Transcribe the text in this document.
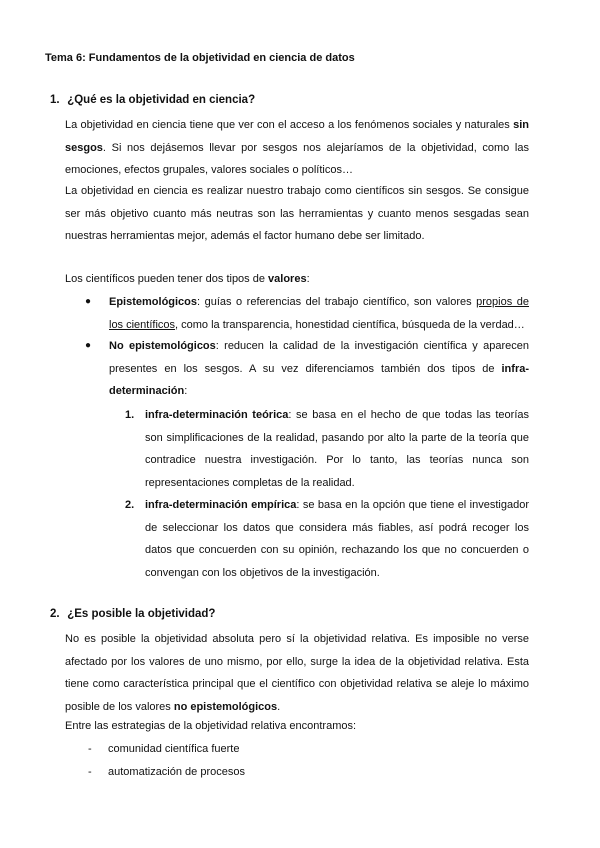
Tema 6: Fundamentos de la objetividad en ciencia de datos
1. ¿Qué es la objetividad en ciencia?
La objetividad en ciencia tiene que ver con el acceso a los fenómenos sociales y naturales sin sesgos. Si nos dejásemos llevar por sesgos nos alejaríamos de la objetividad, como las emociones, efectos grupales, valores sociales o políticos…
La objetividad en ciencia es realizar nuestro trabajo como científicos sin sesgos. Se consigue ser más objetivo cuanto más neutras son las herramientas y cuanto menos sesgadas sean nuestras herramientas mejor, además el factor humano debe ser limitado.
Los científicos pueden tener dos tipos de valores:
● Epistemológicos: guías o referencias del trabajo científico, son valores propios de los científicos, como la transparencia, honestidad científica, búsqueda de la verdad…
● No epistemológicos: reducen la calidad de la investigación científica y aparecen presentes en los sesgos. A su vez diferenciamos también dos tipos de infra-determinación:
1. infra-determinación teórica: se basa en el hecho de que todas las teorías son simplificaciones de la realidad, pasando por alto la parte de la teoría que contradice nuestra investigación. Por lo tanto, las teorías nunca son representaciones completas de la realidad.
2. infra-determinación empírica: se basa en la opción que tiene el investigador de seleccionar los datos que considera más fiables, así podrá recoger los datos que concuerden con su opinión, rechazando los que no concuerden o convengan con los objetivos de la investigación.
2. ¿Es posible la objetividad?
No es posible la objetividad absoluta pero sí la objetividad relativa. Es imposible no verse afectado por los valores de uno mismo, por ello, surge la idea de la objetividad relativa. Esta tiene como característica principal que el científico con objetividad relativa se aleje lo máximo posible de los valores no epistemológicos.
Entre las estrategias de la objetividad relativa encontramos:
- comunidad científica fuerte
- automatización de procesos
